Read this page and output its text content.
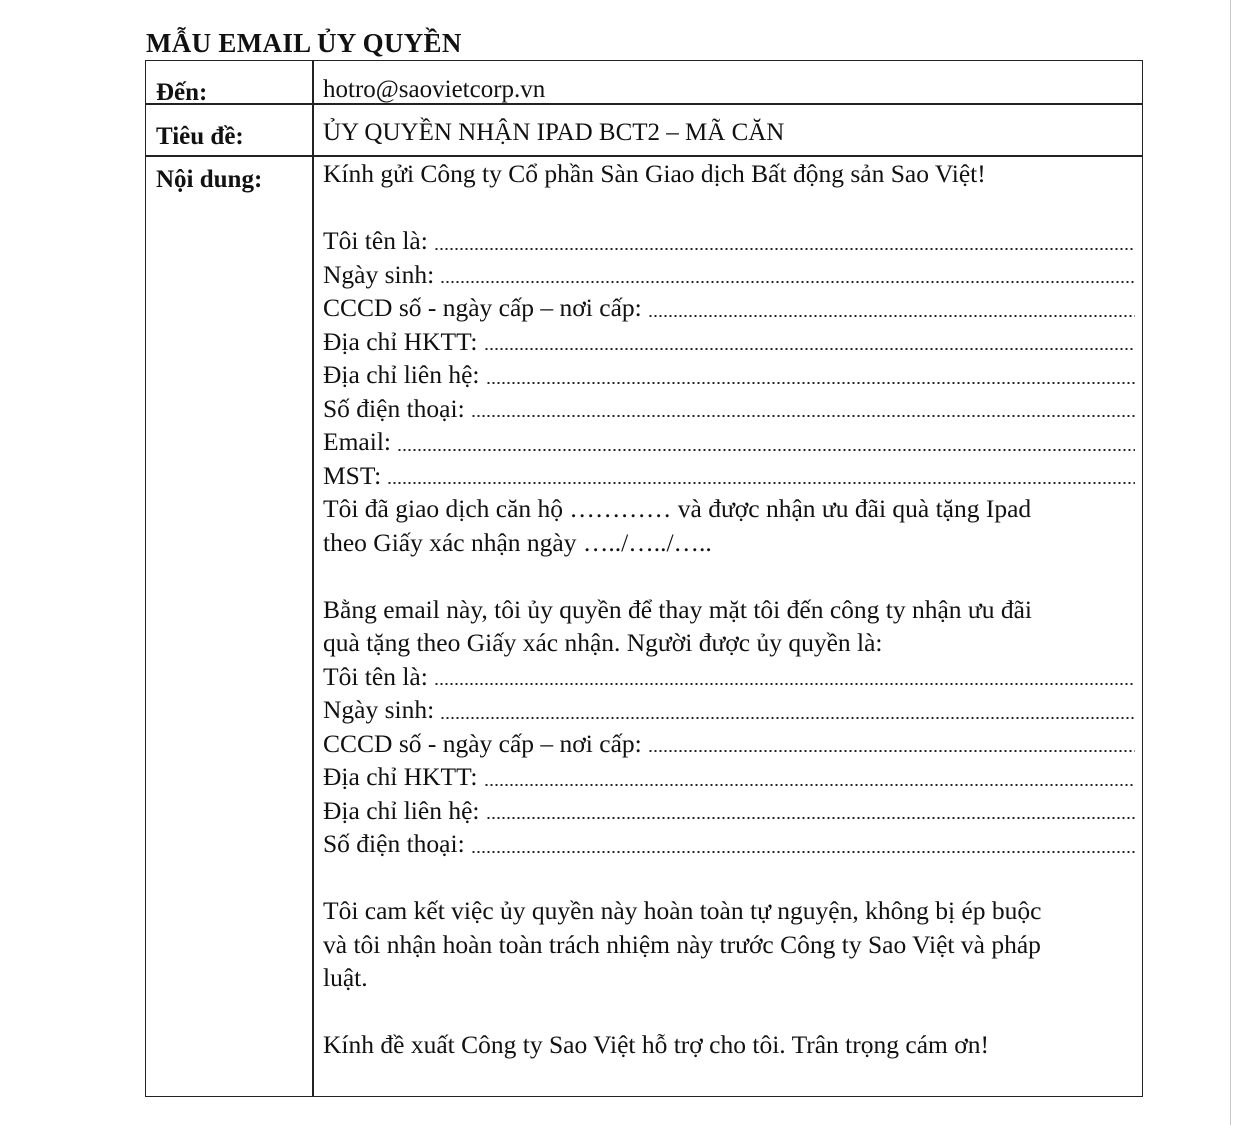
MẪU EMAIL ỦY QUYỀN
Đến:	hotro@saovietcorp.vn
Tiêu đề:	ỦY QUYỀN NHẬN IPAD BCT2 – MÃ CĂN
Nội dung: Kính gửi Công ty Cổ phần Sàn Giao dịch Bất động sản Sao Việt!

Tôi tên là:
Ngày sinh:
CCCD số - ngày cấp – nơi cấp:
Địa chỉ HKTT:
Địa chỉ liên hệ:
Số điện thoại:
Email:
MST:

Tôi đã giao dịch căn hộ ………… và được nhận ưu đãi quà tặng Ipad

theo Giấy xác nhận ngày …../…../…..

Bằng email này, tôi ủy quyền để thay mặt tôi đến công ty nhận ưu đãi

quà tặng theo Giấy xác nhận. Người được ủy quyền là:

Tôi tên là:
Ngày sinh:
CCCD số - ngày cấp – nơi cấp:
Địa chỉ HKTT:
Địa chỉ liên hệ:
Số điện thoại:

Tôi cam kết việc ủy quyền này hoàn toàn tự nguyện, không bị ép buộc

và tôi nhận hoàn toàn trách nhiệm này trước Công ty Sao Việt và pháp

luật.

Kính đề xuất Công ty Sao Việt hỗ trợ cho tôi. Trân trọng cám ơn!
